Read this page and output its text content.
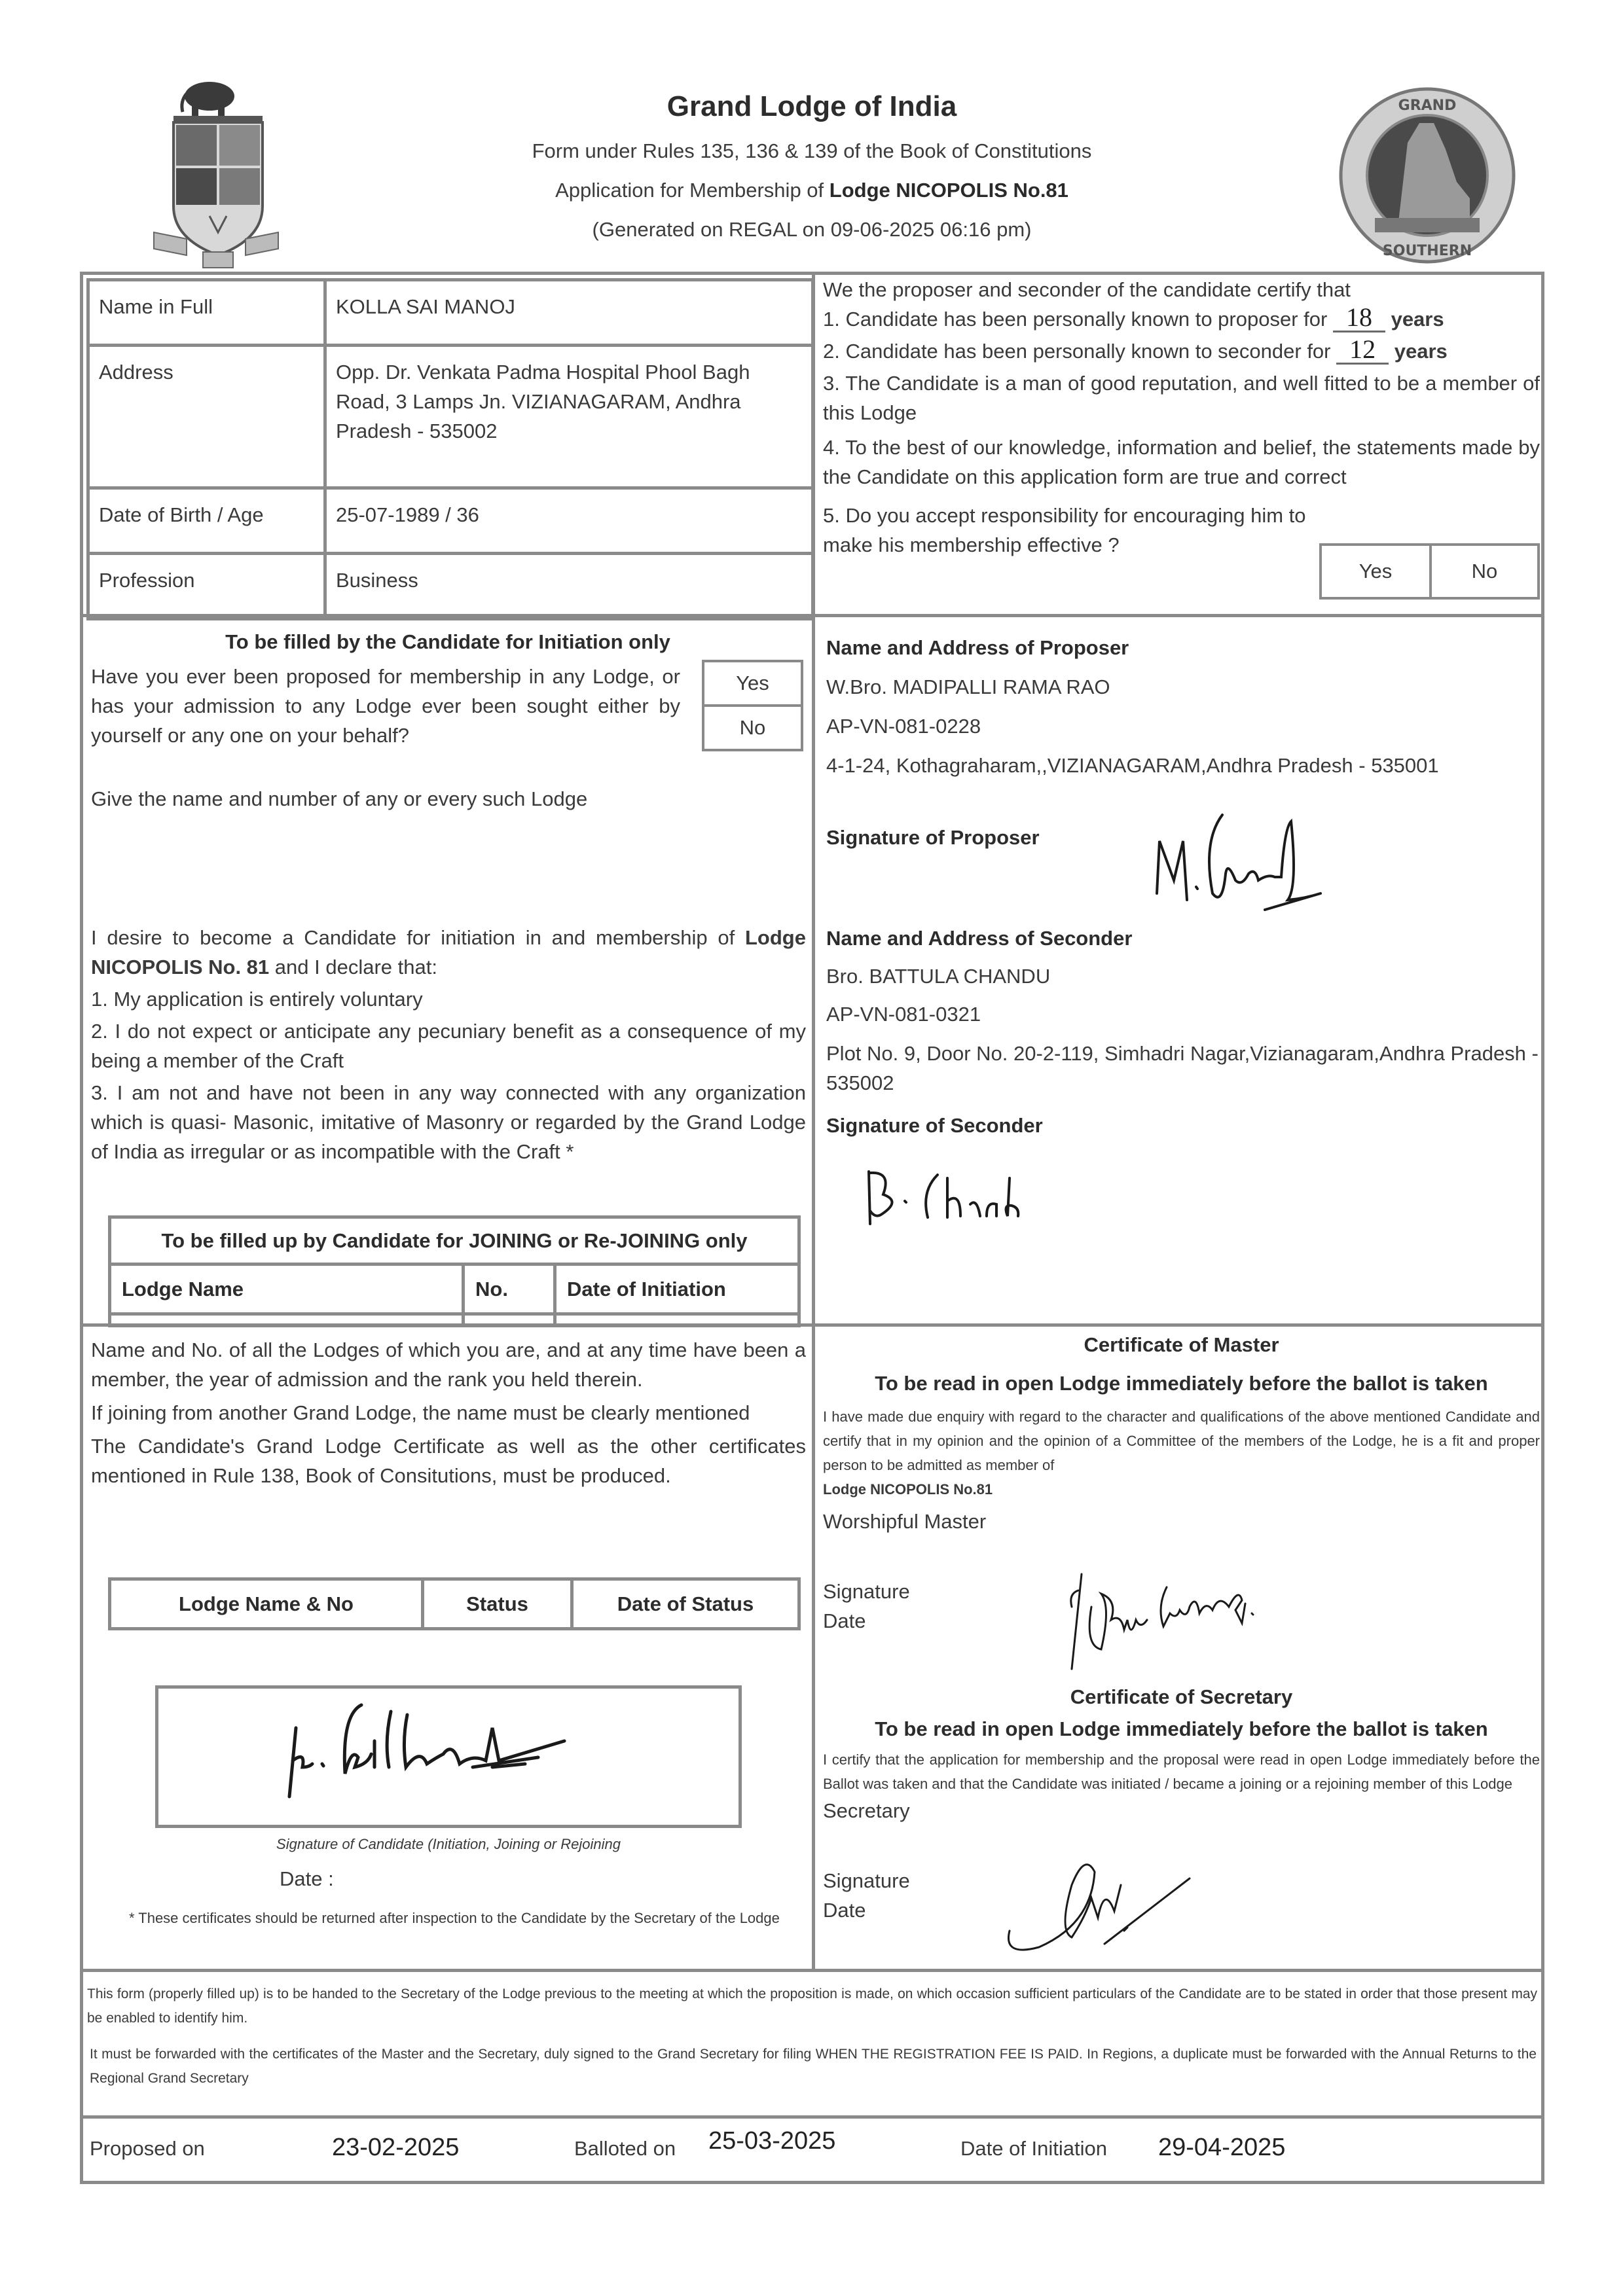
Grand Lodge of India
Form under Rules 135, 136 & 139 of the Book of Constitutions
Application for Membership of Lodge NICOPOLIS No.81
(Generated on REGAL on 09-06-2025 06:16 pm)
GRAND
SOUTHERN
Name in Full	KOLLA SAI MANOJ
Address	Opp. Dr. Venkata Padma Hospital Phool Bagh Road, 3 Lamps Jn. VIZIANAGARAM, Andhra Pradesh - 535002
Date of Birth / Age	25-07-1989 / 36
Profession	Business
We the proposer and seconder of the candidate certify that
1. Candidate has been personally known to proposer for 18 years
2. Candidate has been personally known to seconder for 12 years
3. The Candidate is a man of good reputation, and well fitted to be a member of this Lodge
4. To the best of our knowledge, information and belief, the statements made by the Candidate on this application form are true and correct
5. Do you accept responsibility for encouraging him to make his membership effective ?
Yes	No
To be filled by the Candidate for Initiation only
Have you ever been proposed for membership in any Lodge, or has your admission to any Lodge ever been sought either by yourself or any one on your behalf?
Give the name and number of any or every such Lodge
Yes
No
I desire to become a Candidate for initiation in and membership of Lodge NICOPOLIS No. 81 and I declare that:
1. My application is entirely voluntary
2. I do not expect or anticipate any pecuniary benefit as a consequence of my being a member of the Craft
3. I am not and have not been in any way connected with any organization which is quasi- Masonic, imitative of Masonry or regarded by the Grand Lodge of India as irregular or as incompatible with the Craft *
To be filled up by Candidate for JOINING or Re-JOINING only		
Lodge Name	No.	Date of Initiation

Name and Address of Proposer
W.Bro. MADIPALLI RAMA RAO
AP-VN-081-0228
4-1-24, Kothagraharam,,VIZIANAGARAM,Andhra Pradesh - 535001
Signature of Proposer
Name and Address of Seconder
Bro. BATTULA CHANDU
AP-VN-081-0321
Plot No. 9, Door No. 20-2-119, Simhadri Nagar,Vizianagaram,Andhra Pradesh - 535002
Signature of Seconder
Name and No. of all the Lodges of which you are, and at any time have been a member, the year of admission and the rank you held therein.
If joining from another Grand Lodge, the name must be clearly mentioned
The Candidate's Grand Lodge Certificate as well as the other certificates mentioned in Rule 138, Book of Consitutions, must be produced.
Lodge Name & No	Status	Date of Status
Signature of Candidate (Initiation, Joining or Rejoining
Date :
* These certificates should be returned after inspection to the Candidate by the Secretary of the Lodge
Certificate of Master
To be read in open Lodge immediately before the ballot is taken
I have made due enquiry with regard to the character and qualifications of the above mentioned Candidate and certify that in my opinion and the opinion of a Committee of the members of the Lodge, he is a fit and proper person to be admitted as member of
Lodge NICOPOLIS No.81
Worshipful Master
Signature
Date
Certificate of Secretary
To be read in open Lodge immediately before the ballot is taken
I certify that the application for membership and the proposal were read in open Lodge immediately before the Ballot was taken and that the Candidate was initiated / became a joining or a rejoining member of this Lodge
Secretary
Signature
Date
This form (properly filled up) is to be handed to the Secretary of the Lodge previous to the meeting at which the proposition is made, on which occasion sufficient particulars of the Candidate are to be stated in order that those present may be enabled to identify him.
It must be forwarded with the certificates of the Master and the Secretary, duly signed to the Grand Secretary for filing WHEN THE REGISTRATION FEE IS PAID. In Regions, a duplicate must be forwarded with the Annual Returns to the Regional Grand Secretary
Proposed on	23-02-2025	Balloted on 25-03-2025	Date of Initiation 29-04-2025
